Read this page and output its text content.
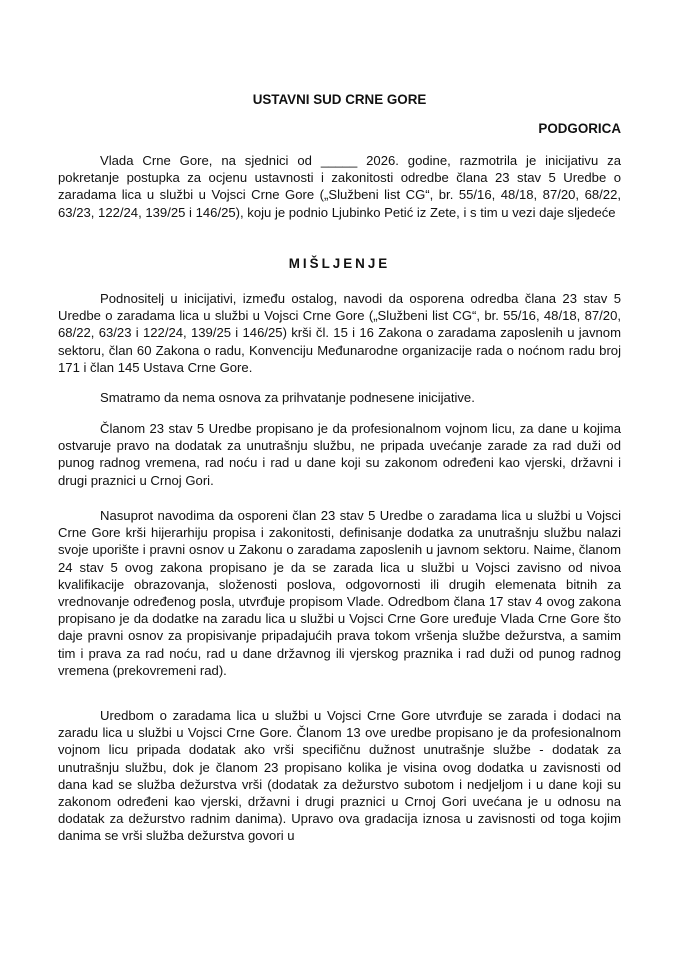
USTAVNI SUD CRNE GORE
PODGORICA

Vlada Crne Gore, na sjednici od _____ 2026. godine, razmotrila je inicijativu za pokretanje postupka za ocjenu ustavnosti i zakonitosti odredbe člana 23 stav 5 Uredbe o zaradama lica u službi u Vojsci Crne Gore („Službeni list CG“, br. 55/16, 48/18, 87/20, 68/22, 63/23, 122/24, 139/25 i 146/25), koju je podnio Ljubinko Petić iz Zete, i s tim u vezi daje sljedeće

MIŠLJENJE

Podnositelj u inicijativi, između ostalog, navodi da osporena odredba člana 23 stav 5 Uredbe o zaradama lica u službi u Vojsci Crne Gore („Službeni list CG“, br. 55/16, 48/18, 87/20, 68/22, 63/23 i 122/24, 139/25 i 146/25) krši čl. 15 i 16 Zakona o zaradama zaposlenih u javnom sektoru, član 60 Zakona o radu, Konvenciju Međunarodne organizacije rada o noćnom radu broj 171 i član 145 Ustava Crne Gore.

Smatramo da nema osnova za prihvatanje podnesene inicijative.

Članom 23 stav 5 Uredbe propisano je da profesionalnom vojnom licu, za dane u kojima ostvaruje pravo na dodatak za unutrašnju službu, ne pripada uvećanje zarade za rad duži od punog radnog vremena, rad noću i rad u dane koji su zakonom određeni kao vjerski, državni i drugi praznici u Crnoj Gori.

Nasuprot navodima da osporeni član 23 stav 5 Uredbe o zaradama lica u službi u Vojsci Crne Gore krši hijerarhiju propisa i zakonitosti, definisanje dodatka za unutrašnju službu nalazi svoje uporište i pravni osnov u Zakonu o zaradama zaposlenih u javnom sektoru. Naime, članom 24 stav 5 ovog zakona propisano je da se zarada lica u službi u Vojsci zavisno od nivoa kvalifikacije obrazovanja, složenosti poslova, odgovornosti ili drugih elemenata bitnih za vrednovanje određenog posla, utvrđuje propisom Vlade. Odredbom člana 17 stav 4 ovog zakona propisano je da dodatke na zaradu lica u službi u Vojsci Crne Gore uređuje Vlada Crne Gore što daje pravni osnov za propisivanje pripadajućih prava tokom vršenja službe dežurstva, a samim tim i prava za rad noću, rad u dane državnog ili vjerskog praznika i rad duži od punog radnog vremena (prekovremeni rad).

Uredbom o zaradama lica u službi u Vojsci Crne Gore utvrđuje se zarada i dodaci na zaradu lica u službi u Vojsci Crne Gore. Članom 13 ove uredbe propisano je da profesionalnom vojnom licu pripada dodatak ako vrši specifičnu dužnost unutrašnje službe - dodatak za unutrašnju službu, dok je članom 23 propisano kolika je visina ovog dodatka u zavisnosti od dana kad se služba dežurstva vrši (dodatak za dežurstvo subotom i nedjeljom i u dane koji su zakonom određeni kao vjerski, državni i drugi praznici u Crnoj Gori uvećana je u odnosu na dodatak za dežurstvo radnim danima). Upravo ova gradacija iznosa u zavisnosti od toga kojim danima se vrši služba dežurstva govori u
